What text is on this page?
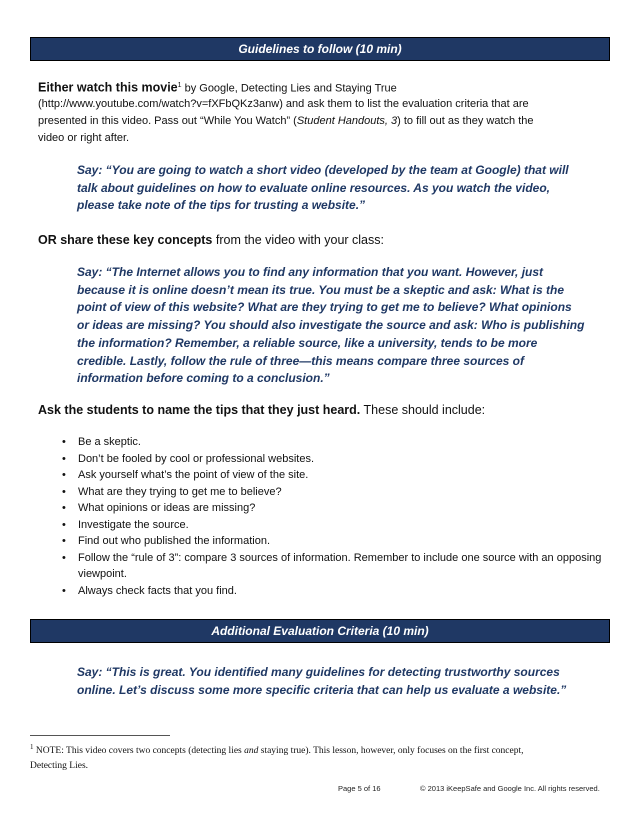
Guidelines to follow (10 min)
Either watch this movie$^1$ by Google, Detecting Lies and Staying True
(http://www.youtube.com/watch?v=fXFbQKz3anw) and ask them to list the evaluation criteria that are
presented in this video. Pass out “While You Watch” (Student Handouts, 3) to fill out as they watch the
video or right after.
Say: “You are going to watch a short video (developed by the team at Google) that will
talk about guidelines on how to evaluate online resources. As you watch the video,
please take note of the tips for trusting a website.”
OR share these key concepts from the video with your class:
Say: “The Internet allows you to find any information that you want. However, just
because it is online doesn’t mean its true. You must be a skeptic and ask: What is the
point of view of this website? What are they trying to get me to believe? What opinions
or ideas are missing? You should also investigate the source and ask: Who is publishing
the information? Remember, a reliable source, like a university, tends to be more
credible. Lastly, follow the rule of three—this means compare three sources of
information before coming to a conclusion.”
Ask the students to name the tips that they just heard. These should include:
• Be a skeptic.
• Don’t be fooled by cool or professional websites.
• Ask yourself what’s the point of view of the site.
• What are they trying to get me to believe?
• What opinions or ideas are missing?
• Investigate the source.
• Find out who published the information.
• Follow the “rule of 3”: compare 3 sources of information. Remember to include one source with an opposing viewpoint.
• Always check facts that you find.
Additional Evaluation Criteria (10 min)
Say: “This is great. You identified many guidelines for detecting trustworthy sources
online. Let’s discuss some more specific criteria that can help us evaluate a website.”
$^1$ NOTE: This video covers two concepts (detecting lies and staying true). This lesson, however, only focuses on the first concept,
Detecting Lies.
Page 5 of 16	© 2013 iKeepSafe and Google Inc. All rights reserved.
